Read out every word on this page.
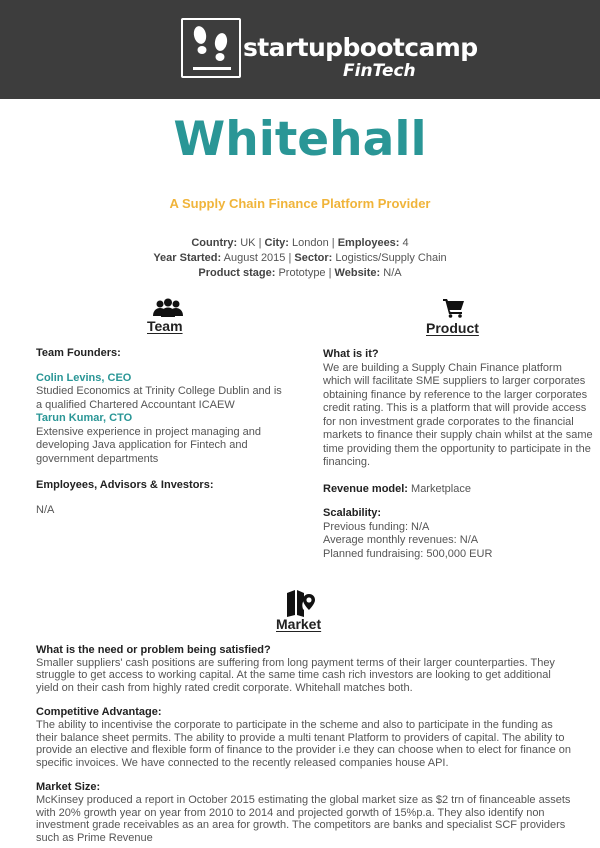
startupbootcamp
FinTech
Whitehall
A Supply Chain Finance Platform Provider
Country: UK | City: London | Employees: 4
Year Started: August 2015 | Sector: Logistics/Supply Chain
Product stage: Prototype | Website: N/A
Team	Product
Team Founders:
Colin Levins, CEO

Studied Economics at Trinity College Dublin and is a qualified Chartered Accountant ICAEW

Tarun Kumar, CTO

Extensive experience in project managing and developing Java application for Fintech and government departments

Employees, Advisors & Investors:

N/A

What is it?

We are building a Supply Chain Finance platform which will facilitate SME suppliers to larger corporates obtaining finance by reference to the larger corporates credit rating. This is a platform that will provide access for non investment grade corporates to the financial markets to finance their supply chain whilst at the same time providing them the opportunity to participate in the financing.

Revenue model: Marketplace

Scalability:

Previous funding: N/A

Average monthly revenues: N/A

Planned fundraising: 500,000 EUR

Market
What is the need or problem being satisfied?

Smaller suppliers' cash positions are suffering from long payment terms of their larger counterparties. They struggle to get access to working capital. At the same time cash rich investors are looking to get additional yield on their cash from highly rated credit corporate. Whitehall matches both.

Competitive Advantage:

The ability to incentivise the corporate to participate in the scheme and also to participate in the funding as their balance sheet permits. The ability to provide a multi tenant Platform to providers of capital. The ability to provide an elective and flexible form of finance to the provider i.e they can choose when to elect for finance on specific invoices. We have connected to the recently released companies house API.

Market Size:

McKinsey produced a report in October 2015 estimating the global market size as $2 trn of financeable assets with 20% growth year on year from 2010 to 2014 and projected gorwth of 15%p.a. They also identify non investment grade receivables as an area for growth. The competitors are banks and specialist SCF providers such as Prime Revenue
